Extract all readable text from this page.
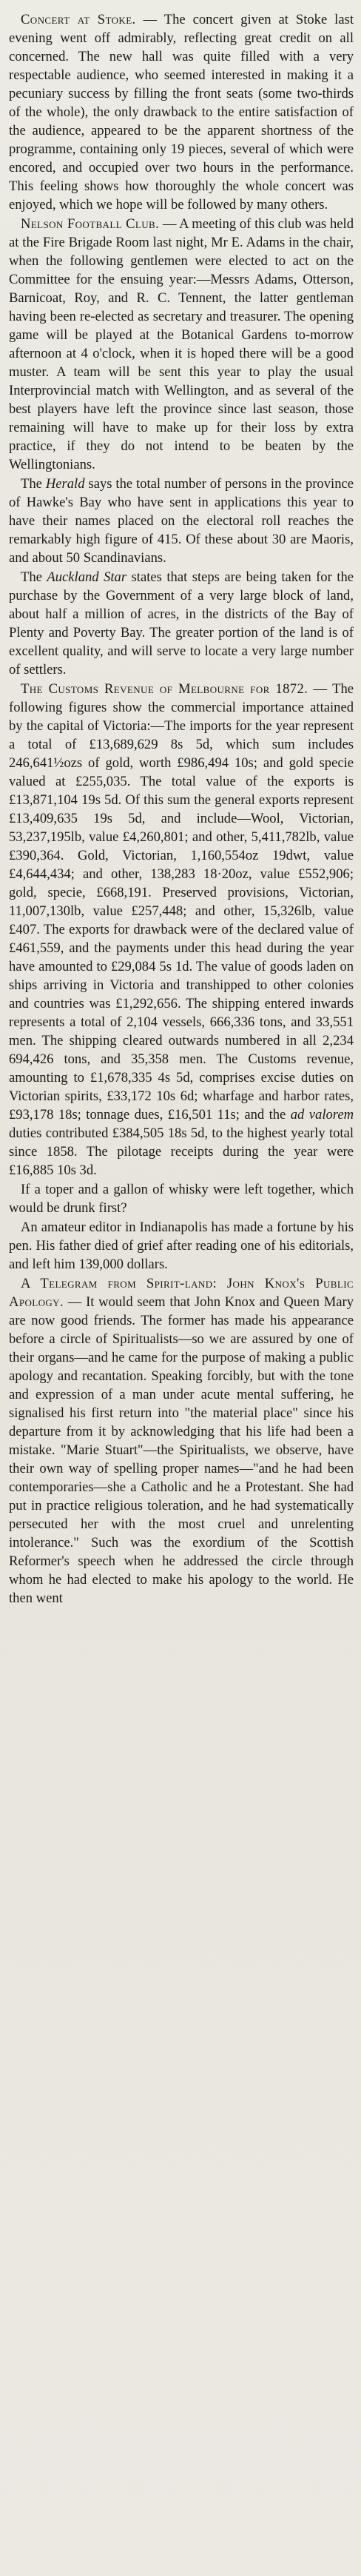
Concert at Stoke. — The concert given at Stoke last evening went off admirably, reflecting great credit on all concerned. The new hall was quite filled with a very respectable audience, who seemed interested in making it a pecuniary success by filling the front seats (some two-thirds of the whole), the only drawback to the entire satisfaction of the audience, appeared to be the apparent shortness of the programme, containing only 19 pieces, several of which were encored, and occupied over two hours in the performance. This feeling shows how thoroughly the whole concert was enjoyed, which we hope will be followed by many others.

Nelson Football Club. — A meeting of this club was held at the Fire Brigade Room last night, Mr E. Adams in the chair, when the following gentlemen were elected to act on the Committee for the ensuing year:—Messrs Adams, Otterson, Barnicoat, Roy, and R. C. Tennent, the latter gentleman having been re-elected as secretary and treasurer. The opening game will be played at the Botanical Gardens to-morrow afternoon at 4 o'clock, when it is hoped there will be a good muster. A team will be sent this year to play the usual Interprovincial match with Wellington, and as several of the best players have left the province since last season, those remaining will have to make up for their loss by extra practice, if they do not intend to be beaten by the Wellingtonians.

The Herald says the total number of persons in the province of Hawke's Bay who have sent in applications this year to have their names placed on the electoral roll reaches the remarkably high figure of 415. Of these about 30 are Maoris, and about 50 Scandinavians.

The Auckland Star states that steps are being taken for the purchase by the Government of a very large block of land, about half a million of acres, in the districts of the Bay of Plenty and Poverty Bay. The greater portion of the land is of excellent quality, and will serve to locate a very large number of settlers.

The Customs Revenue of Melbourne for 1872. — The following figures show the commercial importance attained by the capital of Victoria:—The imports for the year represent a total of £13,689,629 8s 5d, which sum includes 246,641½ozs of gold, worth £986,494 10s; and gold specie valued at £255,035. The total value of the exports is £13,871,104 19s 5d. Of this sum the general exports represent £13,409,635 19s 5d, and include—Wool, Victorian, 53,237,195lb, value £4,260,801; and other, 5,411,782lb, value £390,364. Gold, Victorian, 1,160,554oz 19dwt, value £4,644,434; and other, 138,283 18·20oz, value £552,906; gold, specie, £668,191. Preserved provisions, Victorian, 11,007,130lb, value £257,448; and other, 15,326lb, value £407. The exports for drawback were of the declared value of £461,559, and the payments under this head during the year have amounted to £29,084 5s 1d. The value of goods laden on ships arriving in Victoria and transhipped to other colonies and countries was £1,292,656. The shipping entered inwards represents a total of 2,104 vessels, 666,336 tons, and 33,551 men. The shipping cleared outwards numbered in all 2,234 694,426 tons, and 35,358 men. The Customs revenue, amounting to £1,678,335 4s 5d, comprises excise duties on Victorian spirits, £33,172 10s 6d; wharfage and harbor rates, £93,178 18s; tonnage dues, £16,501 11s; and the ad valorem duties contributed £384,505 18s 5d, to the highest yearly total since 1858. The pilotage receipts during the year were £16,885 10s 3d.

If a toper and a gallon of whisky were left together, which would be drunk first?

An amateur editor in Indianapolis has made a fortune by his pen. His father died of grief after reading one of his editorials, and left him 139,000 dollars.

A Telegram from Spirit-land: John Knox's Public Apology. — It would seem that John Knox and Queen Mary are now good friends. The former has made his appearance before a circle of Spiritualists—so we are assured by one of their organs—and he came for the purpose of making a public apology and recantation. Speaking forcibly, but with the tone and expression of a man under acute mental suffering, he signalised his first return into "the material place" since his departure from it by acknowledging that his life had been a mistake. "Marie Stuart"—the Spiritualists, we observe, have their own way of spelling proper names—"and he had been contemporaries—she a Catholic and he a Protestant. She had put in practice religious toleration, and he had systematically persecuted her with the most cruel and unrelenting intolerance." Such was the exordium of the Scottish Reformer's speech when he addressed the circle through whom he had elected to make his apology to the world. He then went
